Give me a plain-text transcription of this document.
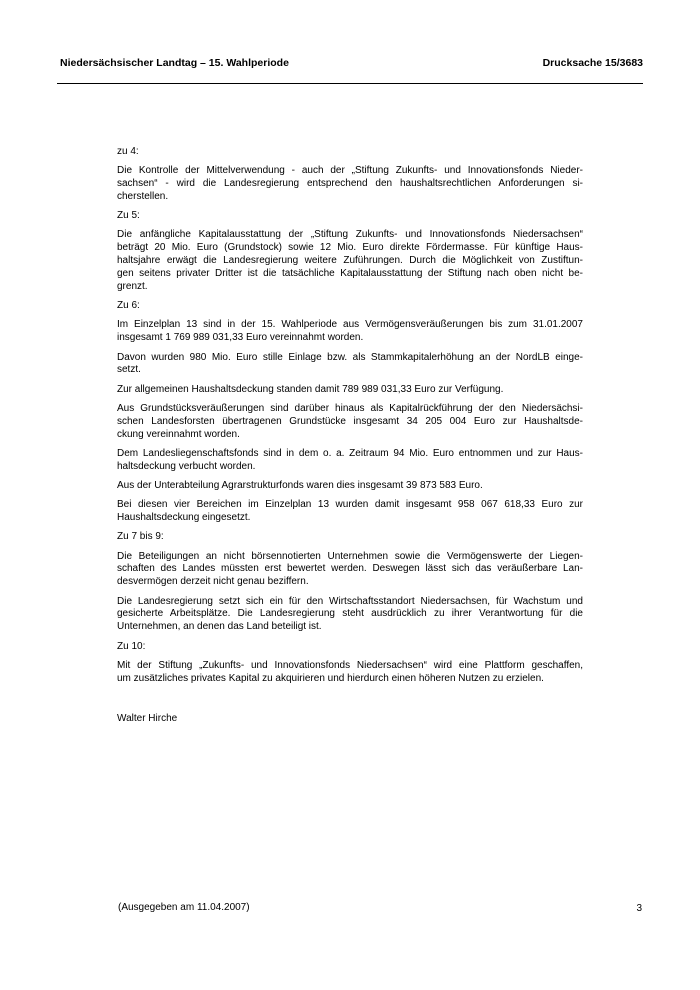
Niedersächsischer Landtag – 15. Wahlperiode	Drucksache 15/3683
zu 4:
Die Kontrolle der Mittelverwendung - auch der „Stiftung Zukunfts- und Innovationsfonds Nieder-
sachsen“ - wird die Landesregierung entsprechend den haushaltsrechtlichen Anforderungen si-
cherstellen.
Zu 5:
Die anfängliche Kapitalausstattung der „Stiftung Zukunfts- und Innovationsfonds Niedersachsen“
beträgt 20 Mio. Euro (Grundstock) sowie 12 Mio. Euro direkte Fördermasse. Für künftige Haus-
haltsjahre erwägt die Landesregierung weitere Zuführungen. Durch die Möglichkeit von Zustiftun-
gen seitens privater Dritter ist die tatsächliche Kapitalausstattung der Stiftung nach oben nicht be-
grenzt.
Zu 6:
Im Einzelplan 13 sind in der 15. Wahlperiode aus Vermögensveräußerungen bis zum 31.01.2007
insgesamt 1 769 989 031,33 Euro vereinnahmt worden.
Davon wurden 980 Mio. Euro stille Einlage bzw. als Stammkapitalerhöhung an der NordLB einge-
setzt.
Zur allgemeinen Haushaltsdeckung standen damit 789 989 031,33 Euro zur Verfügung.
Aus Grundstücksveräußerungen sind darüber hinaus als Kapitalrückführung der den Niedersächsi-
schen Landesforsten übertragenen Grundstücke insgesamt 34 205 004 Euro zur Haushaltsde-
ckung vereinnahmt worden.
Dem Landesliegenschaftsfonds sind in dem o. a. Zeitraum 94 Mio. Euro entnommen und zur Haus-
haltsdeckung verbucht worden.
Aus der Unterabteilung Agrarstrukturfonds waren dies insgesamt 39 873 583 Euro.
Bei diesen vier Bereichen im Einzelplan 13 wurden damit insgesamt 958 067 618,33 Euro zur
Haushaltsdeckung eingesetzt.
Zu 7 bis 9:
Die Beteiligungen an nicht börsennotierten Unternehmen sowie die Vermögenswerte der Liegen-
schaften des Landes müssten erst bewertet werden. Deswegen lässt sich das veräußerbare Lan-
desvermögen derzeit nicht genau beziffern.
Die Landesregierung setzt sich ein für den Wirtschaftsstandort Niedersachsen, für Wachstum und
gesicherte Arbeitsplätze. Die Landesregierung steht ausdrücklich zu ihrer Verantwortung für die
Unternehmen, an denen das Land beteiligt ist.
Zu 10:
Mit der Stiftung „Zukunfts- und Innovationsfonds Niedersachsen“ wird eine Plattform geschaffen,
um zusätzliches privates Kapital zu akquirieren und hierdurch einen höheren Nutzen zu erzielen.
Walter Hirche
(Ausgegeben am 11.04.2007)	3
